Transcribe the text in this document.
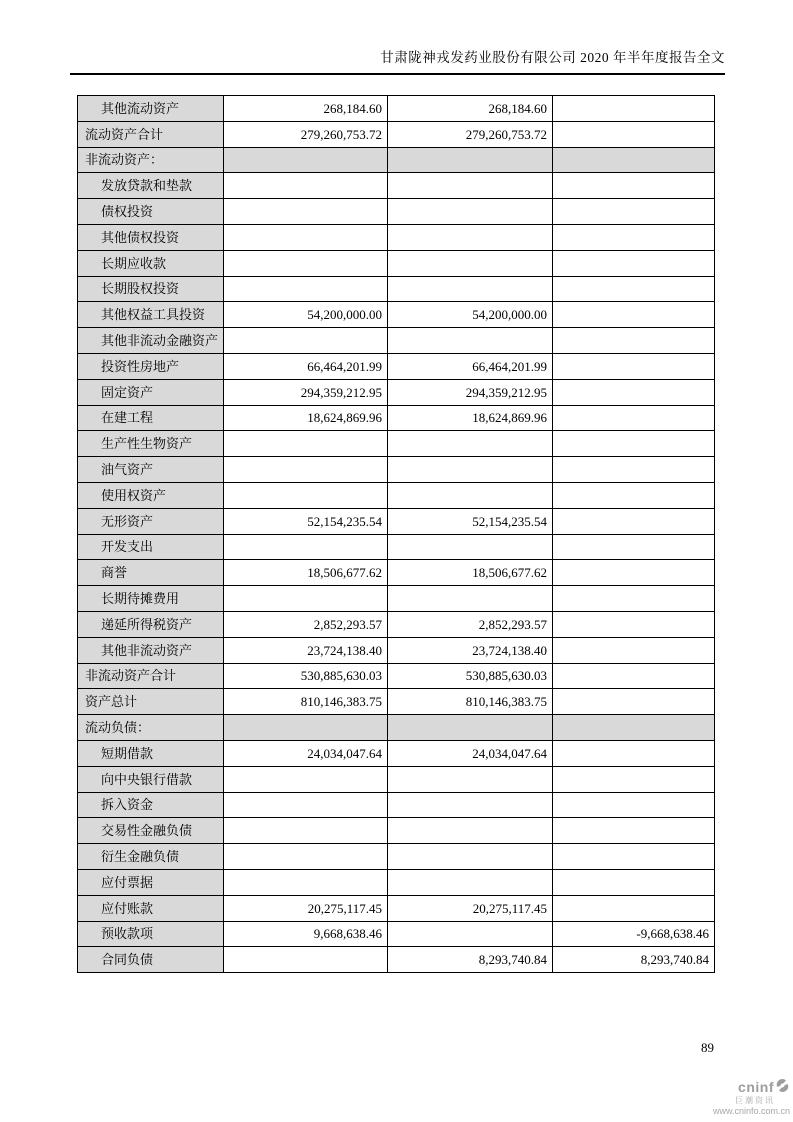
甘肃陇神戎发药业股份有限公司 2020 年半年度报告全文
其他流动资产	268,184.60	268,184.60	
流动资产合计	279,260,753.72	279,260,753.72	
非流动资产：			
发放贷款和垫款			
债权投资			
其他债权投资			
长期应收款			
长期股权投资			
其他权益工具投资	54,200,000.00	54,200,000.00	
其他非流动金融资产			
投资性房地产	66,464,201.99	66,464,201.99	
固定资产	294,359,212.95	294,359,212.95	
在建工程	18,624,869.96	18,624,869.96	
生产性生物资产			
油气资产			
使用权资产			
无形资产	52,154,235.54	52,154,235.54	
开发支出			
商誉	18,506,677.62	18,506,677.62	
长期待摊费用			
递延所得税资产	2,852,293.57	2,852,293.57	
其他非流动资产	23,724,138.40	23,724,138.40	
非流动资产合计	530,885,630.03	530,885,630.03	
资产总计	810,146,383.75	810,146,383.75	
流动负债：			
短期借款	24,034,047.64	24,034,047.64	
向中央银行借款			
拆入资金			
交易性金融负债			
衍生金融负债			
应付票据			
应付账款	20,275,117.45	20,275,117.45	
预收款项	9,668,638.46		-9,668,638.46
合同负债		8,293,740.84	8,293,740.84
89
cninf
巨潮资讯
www.cninfo.com.cn
